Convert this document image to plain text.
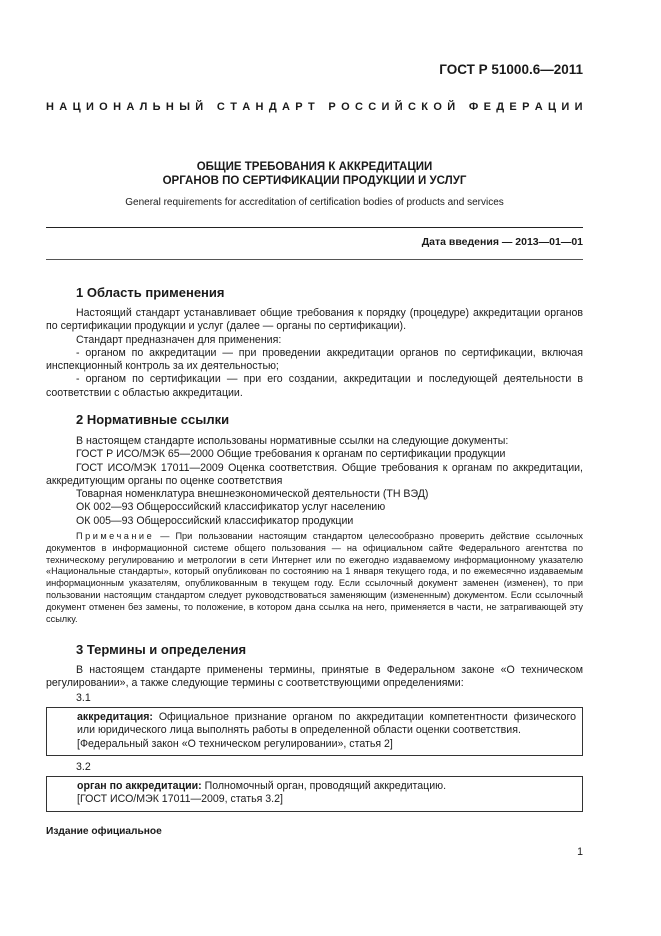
ГОСТ Р 51000.6—2011
Н А Ц И О Н А Л Ь Н Ы Й
С Т А Н Д А Р Т
Р О С С И Й С К О Й
Ф Е Д Е Р А Ц И И
ОБЩИЕ ТРЕБОВАНИЯ К АККРЕДИТАЦИИ
ОРГАНОВ ПО СЕРТИФИКАЦИИ ПРОДУКЦИИ И УСЛУГ
General requirements for accreditation of certification bodies of products and services
Дата введения — 2013—01—01
1 Область применения

Настоящий стандарт устанавливает общие требования к порядку (процедуре) аккредитации органов по сертификации продукции и услуг (далее — органы по сертификации).

Стандарт предназначен для применения:

- органом по аккредитации — при проведении аккредитации органов по сертификации, включая инспекционный контроль за их деятельностью;

- органом по сертификации — при его создании, аккредитации и последующей деятельности в соответствии с областью аккредитации.

2 Нормативные ссылки

В настоящем стандарте использованы нормативные ссылки на следующие документы:

ГОСТ Р ИСО/МЭК 65—2000 Общие требования к органам по сертификации продукции

ГОСТ ИСО/МЭК 17011—2009 Оценка соответствия. Общие требования к органам по аккредитации, аккредитующим органы по оценке соответствия

Товарная номенклатура внешнеэкономической деятельности (ТН ВЭД)

ОК 002—93 Общероссийский классификатор услуг населению

ОК 005—93 Общероссийский классификатор продукции

Примечание — При пользовании настоящим стандартом целесообразно проверить действие ссылочных документов в информационной системе общего пользования — на официальном сайте Федерального агентства по техническому регулированию и метрологии в сети Интернет или по ежегодно издаваемому информационному указателю «Национальные стандарты», который опубликован по состоянию на 1 января текущего года, и по ежемесячно издаваемым информационным указателям, опубликованным в текущем году. Если ссылочный документ заменен (изменен), то при пользовании настоящим стандартом следует руководствоваться заменяющим (измененным) документом. Если ссылочный документ отменен без замены, то положение, в котором дана ссылка на него, применяется в части, не затрагивающей эту ссылку.

3 Термины и определения

В настоящем стандарте применены термины, принятые в Федеральном законе «О техническом регулировании», а также следующие термины с соответствующими определениями:

3.1

аккредитация: Официальное признание органом по аккредитации компетентности физического или юридического лица выполнять работы в определенной области оценки соответствия.

[Федеральный закон «О техническом регулировании», статья 2]

3.2

орган по аккредитации: Полномочный орган, проводящий аккредитацию.

[ГОСТ ИСО/МЭК 17011—2009, статья 3.2]

Издание официальное
1
